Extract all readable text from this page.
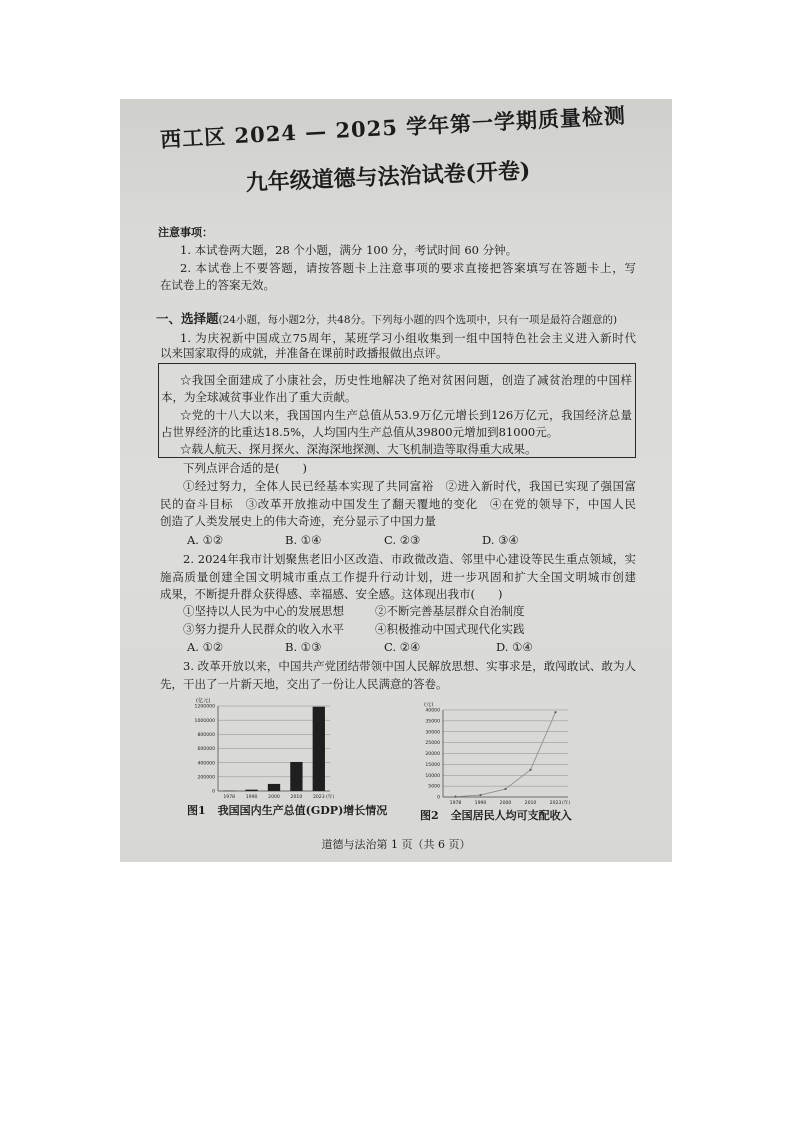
西工区 2024 — 2025 学年第一学期质量检测
九年级道德与法治试卷(开卷)
注意事项：
1. 本试卷两大题，28 个小题，满分 100 分，考试时间 60 分钟。
2. 本试卷上不要答题，请按答题卡上注意事项的要求直接把答案填写在答题卡上，写
在试卷上的答案无效。
一、选择题(24小题，每小题2分，共48分。下列每小题的四个选项中，只有一项是最符合题意的)
1. 为庆祝新中国成立75周年，某班学习小组收集到一组中国特色社会主义进入新时代
以来国家取得的成就，并准备在课前时政播报做出点评。
☆我国全面建成了小康社会，历史性地解决了绝对贫困问题，创造了减贫治理的中国样
本，为全球减贫事业作出了重大贡献。
☆党的十八大以来，我国国内生产总值从53.9万亿元增长到126万亿元，我国经济总量
占世界经济的比重达18.5%，人均国内生产总值从39800元增加到81000元。
☆载人航天、探月探火、深海深地探测、大飞机制造等取得重大成果。
下列点评合适的是(　　)
①经过努力，全体人民已经基本实现了共同富裕　②进入新时代，我国已实现了强国富
民的奋斗目标　③改革开放推动中国发生了翻天覆地的变化　④在党的领导下，中国人民
创造了人类发展史上的伟大奇迹，充分显示了中国力量
A. ①②	B. ①④	C. ②③	D. ③④
2. 2024年我市计划聚焦老旧小区改造、市政微改造、邻里中心建设等民生重点领域，实
施高质量创建全国文明城市重点工作提升行动计划，进一步巩固和扩大全国文明城市创建
成果，不断提升群众获得感、幸福感、安全感。这体现出我市(　　)
①坚持以人民为中心的发展思想	②不断完善基层群众自治制度
③努力提升人民群众的收入水平	④积极推动中国式现代化实践
A. ①②	B. ①③	C. ②④	D. ①④
3. 改革开放以来，中国共产党团结带领中国人民解放思想、实事求是，敢闯敢试、敢为人
先，干出了一片新天地，交出了一份让人民满意的答卷。
(亿元)
(年)
0
200000
400000
600000
800000
1000000
1200000
1978 1990 2000 2010 2023
(元)
(年)
0
5000
10000
15000
20000
25000
30000
35000
40000
1978	1990	2000	2010	2023
图1 我国国内生产总值(GDP)增长情况	图2 全国居民人均可支配收入
道德与法治第 1 页（共 6 页）
